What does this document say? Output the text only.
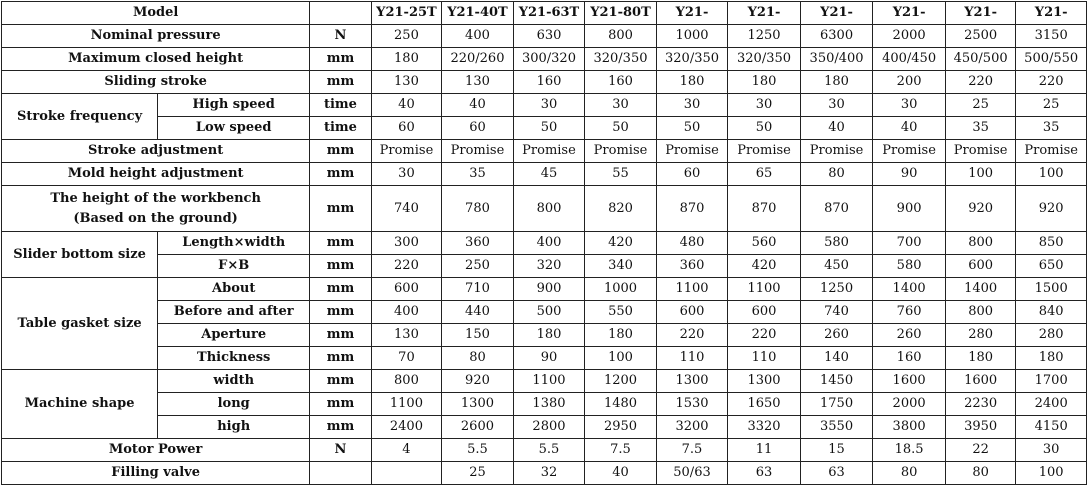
Model			Y21-25T	Y21-40T	Y21-63T	Y21-80T	Y21-	Y21-	Y21-	Y21-	Y21-	Y21-
Nominal pressure		N	250	400	630	800	1000	1250	6300	2000	2500	3150
Maximum closed height		mm	180	220/260	300/320	320/350	320/350	320/350	350/400	400/450	450/500	500/550
Sliding stroke		mm	130	130	160	160	180	180	180	200	220	220
Stroke frequency	High speed	time	40	40	30	30	30	30	30	30	25	25
	Low speed	time	60	60	50	50	50	50	40	40	35	35
Stroke adjustment		mm	Promise	Promise	Promise	Promise	Promise	Promise	Promise	Promise	Promise	Promise
Mold height adjustment		mm	30	35	45	55	60	65	80	90	100	100
The height of the workbench
(Based on the ground)		mm	740	780	800	820	870	870	870	900	920	920
Slider bottom size	Length×width	mm	300	360	400	420	480	560	580	700	800	850
	F×B	mm	220	250	320	340	360	420	450	580	600	650
Table gasket size	About	mm	600	710	900	1000	1100	1100	1250	1400	1400	1500
	Before and after	mm	400	440	500	550	600	600	740	760	800	840
	Aperture	mm	130	150	180	180	220	220	260	260	280	280
	Thickness	mm	70	80	90	100	110	110	140	160	180	180
Machine shape	width	mm	800	920	1100	1200	1300	1300	1450	1600	1600	1700
	long	mm	1100	1300	1380	1480	1530	1650	1750	2000	2230	2400
	high	mm	2400	2600	2800	2950	3200	3320	3550	3800	3950	4150
Motor Power		N	4	5.5	5.5	7.5	7.5	11	15	18.5	22	30
Filling valve				25	32	40	50/63	63	63	80	80	100
